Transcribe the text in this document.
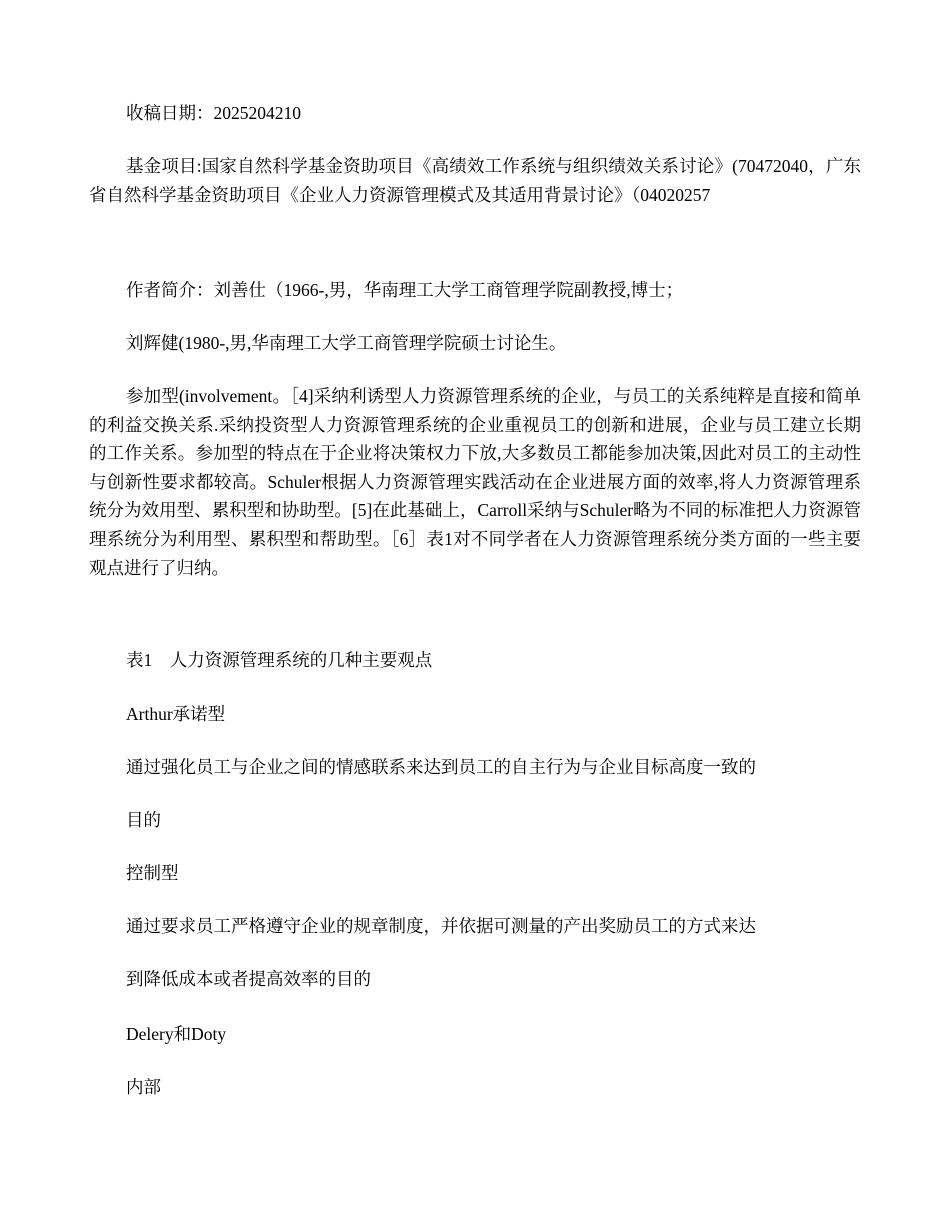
收稿日期：2025204210
基金项目:国家自然科学基金资助项目《高绩效工作系统与组织绩效关系讨论》(70472040，广东省自然科学基金资助项目《企业人力资源管理模式及其适用背景讨论》（04020257
作者简介：刘善仕（1966-,男，华南理工大学工商管理学院副教授,博士；
刘辉健(1980-,男,华南理工大学工商管理学院硕士讨论生。
参加型(involvement。［4]采纳利诱型人力资源管理系统的企业，与员工的关系纯粹是直接和简单的利益交换关系.采纳投资型人力资源管理系统的企业重视员工的创新和进展，企业与员工建立长期的工作关系。参加型的特点在于企业将决策权力下放,大多数员工都能参加决策,因此对员工的主动性与创新性要求都较高。Schuler根据人力资源管理实践活动在企业进展方面的效率,将人力资源管理系统分为效用型、累积型和协助型。[5]在此基础上，Carroll采纳与Schuler略为不同的标准把人力资源管理系统分为利用型、累积型和帮助型。［6］表1对不同学者在人力资源管理系统分类方面的一些主要观点进行了归纳。
表1　人力资源管理系统的几种主要观点
Arthur承诺型
通过强化员工与企业之间的情感联系来达到员工的自主行为与企业目标高度一致的
目的
控制型
通过要求员工严格遵守企业的规章制度，并依据可测量的产出奖励员工的方式来达
到降低成本或者提高效率的目的
Delery和Doty
内部
